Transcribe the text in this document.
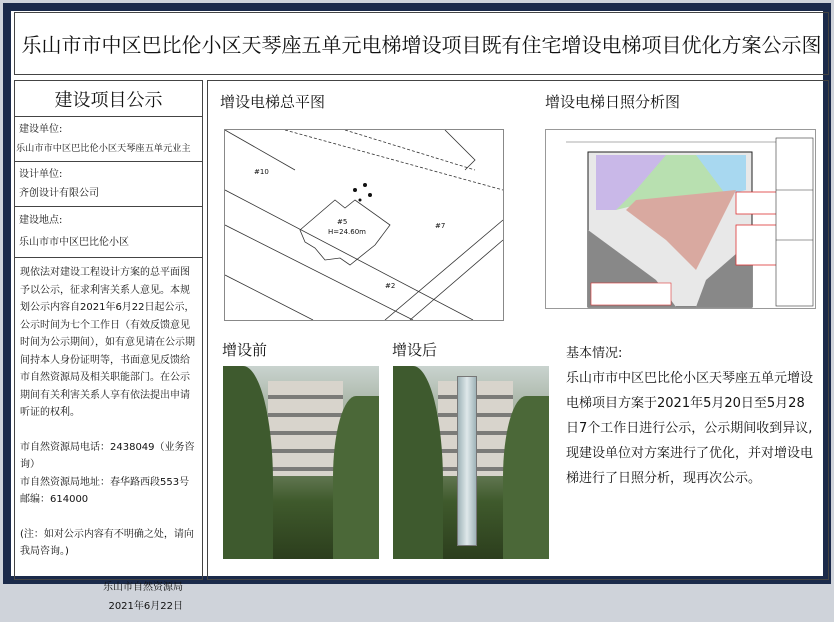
乐山市市中区巴比伦小区天琴座五单元电梯增设项目既有住宅增设电梯项目优化方案公示图
建设项目公示
建设单位:
乐山市市中区巴比伦小区天琴座五单元业主
设计单位:
齐创设计有限公司
建设地点:
乐山市市中区巴比伦小区

现依法对建设工程设计方案的总平面图予以公示，征求利害关系人意见。本规划公示内容自2021年6月22日起公示，公示时间为七个工作日（有效反馈意见时间为公示期间），如有意见请在公示期间持本人身份证明等，书面意见反馈给市自然资源局及相关职能部门。在公示期间有关利害关系人享有依法提出申请听证的权利。

市自然资源局电话：2438049（业务咨询）
市自然资源局地址：春华路西段553号

邮编：614000

(注：如对公示内容有不明确之处，请向我局咨询。)

乐山市自然资源局
2021年6月22日
增设电梯总平图	增设电梯日照分析图
#10
#5
H=24.60m
#7
#2
增设前	增设后	基本情况:
乐山市市中区巴比伦小区天琴座五单元增设电梯项目方案于2021年5月20日至5月28日7个工作日进行公示，公示期间收到异议,现建设单位对方案进行了优化，并对增设电梯进行了日照分析，现再次公示。
